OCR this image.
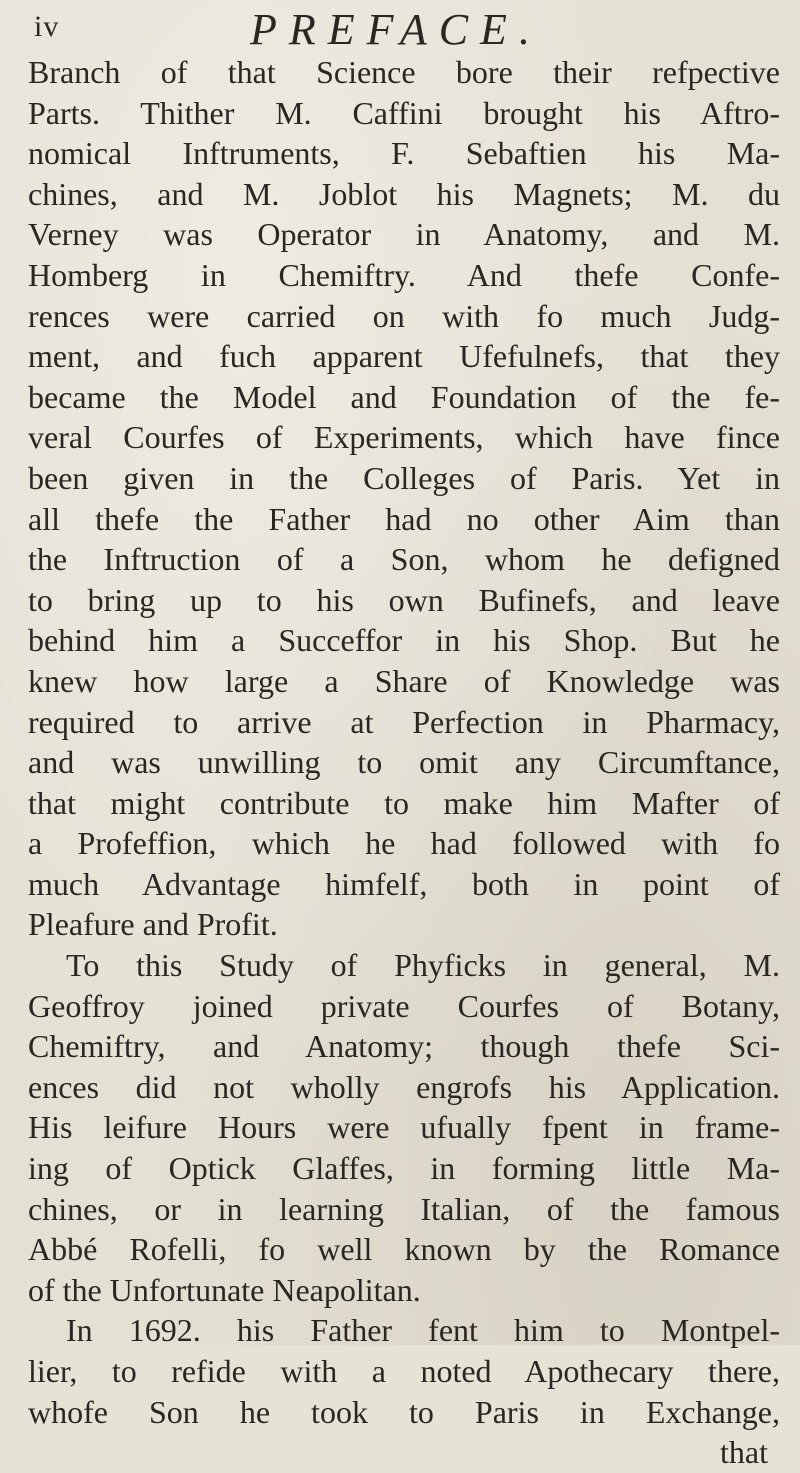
iv	PREFACE.
Branch of that Science bore their refpective
Parts. Thither M. Caffini brought his Aftro-
nomical Inftruments, F. Sebaftien his Ma-
chines, and M. Joblot his Magnets; M. du
Verney was Operator in Anatomy, and M.
Homberg in Chemiftry. And thefe Confe-
rences were carried on with fo much Judg-
ment, and fuch apparent Ufefulnefs, that they
became the Model and Foundation of the fe-
veral Courfes of Experiments, which have fince
been given in the Colleges of Paris. Yet in
all thefe the Father had no other Aim than
the Inftruction of a Son, whom he defigned
to bring up to his own Bufinefs, and leave
behind him a Succeffor in his Shop. But he
knew how large a Share of Knowledge was
required to arrive at Perfection in Pharmacy,
and was unwilling to omit any Circumftance,
that might contribute to make him Mafter of
a Profeffion, which he had followed with fo
much Advantage himfelf, both in point of
Pleafure and Profit.
To this Study of Phyficks in general, M.
Geoffroy joined private Courfes of Botany,
Chemiftry, and Anatomy; though thefe Sci-
ences did not wholly engrofs his Application.
His leifure Hours were ufually fpent in frame-
ing of Optick Glaffes, in forming little Ma-
chines, or in learning Italian, of the famous
Abbé Rofelli, fo well known by the Romance
of the Unfortunate Neapolitan.
In 1692. his Father fent him to Montpel-
lier, to refide with a noted Apothecary there,
whofe Son he took to Paris in Exchange,
that
